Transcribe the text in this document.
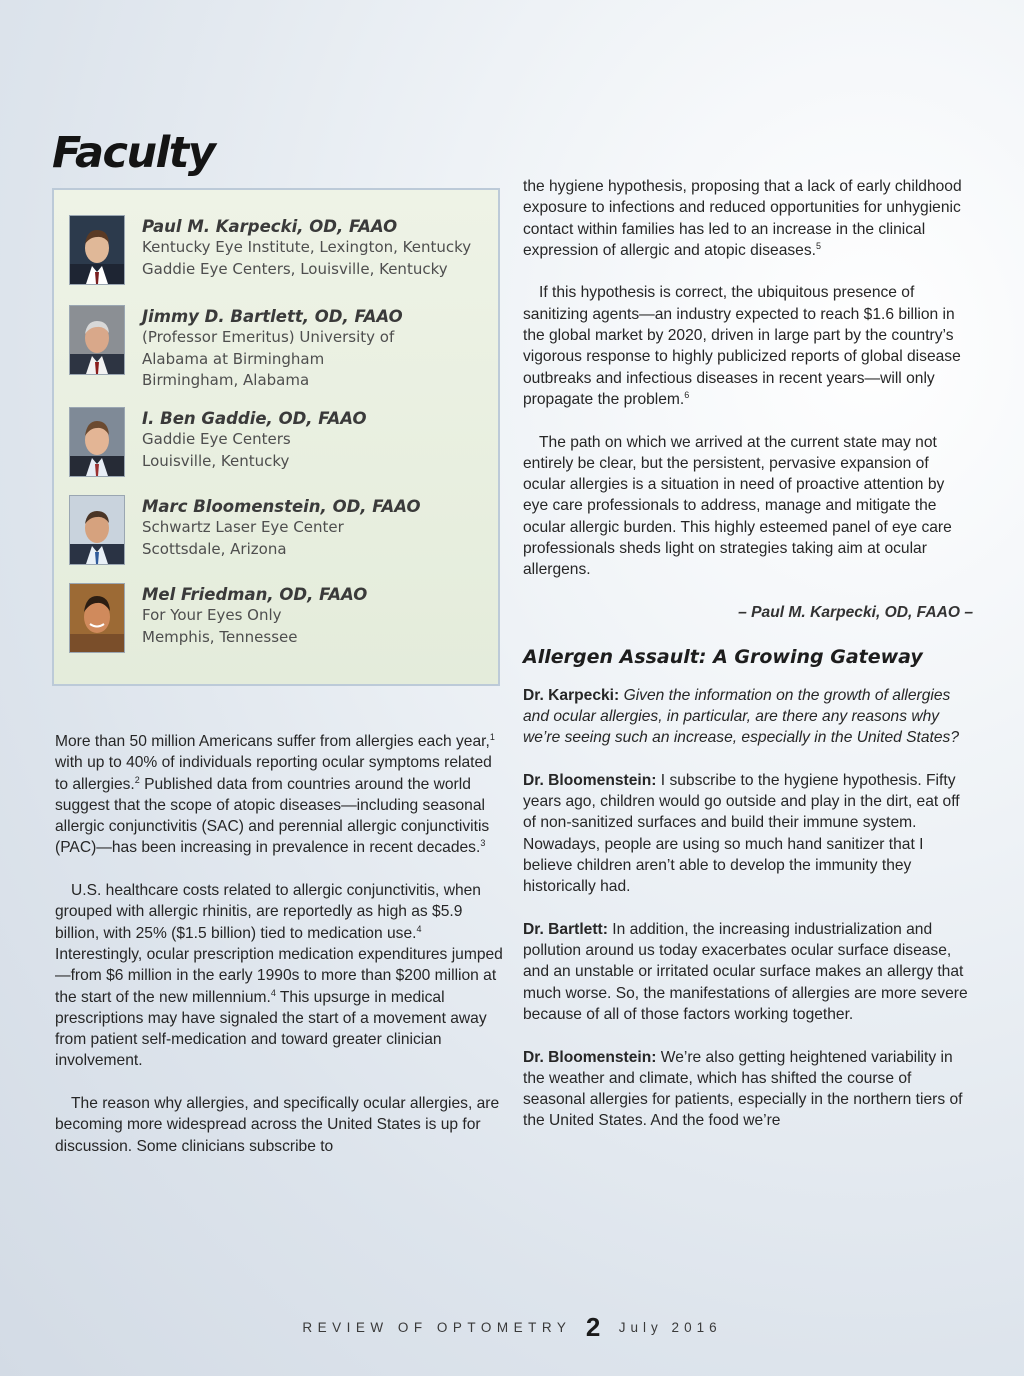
Faculty
Paul M. Karpecki, OD, FAAO
Kentucky Eye Institute, Lexington, Kentucky
Gaddie Eye Centers, Louisville, Kentucky
Jimmy D. Bartlett, OD, FAAO
(Professor Emeritus) University of
Alabama at Birmingham
Birmingham, Alabama
I. Ben Gaddie, OD, FAAO
Gaddie Eye Centers
Louisville, Kentucky
Marc Bloomenstein, OD, FAAO
Schwartz Laser Eye Center
Scottsdale, Arizona
Mel Friedman, OD, FAAO
For Your Eyes Only
Memphis, Tennessee

More than 50 million Americans suffer from allergies each year,$^1$ with up to 40% of individuals reporting ocular symptoms related to allergies.$^2$ Published data from countries around the world suggest that the scope of atopic diseases—including seasonal allergic conjunctivitis (SAC) and perennial allergic conjunctivitis (PAC)—has been increasing in prevalence in recent decades.$^3$

U.S. healthcare costs related to allergic conjunctivitis, when grouped with allergic rhinitis, are reportedly as high as $5.9 billion, with 25% ($1.5 billion) tied to medication use.$^4$ Interestingly, ocular prescription medication expenditures jumped—from $6 million in the early 1990s to more than $200 million at the start of the new millennium.$^4$ This upsurge in medical prescriptions may have signaled the start of a movement away from patient self-medication and toward greater clinician involvement.

The reason why allergies, and specifically ocular allergies, are becoming more widespread across the United States is up for discussion. Some clinicians subscribe to

the hygiene hypothesis, proposing that a lack of early childhood exposure to infections and reduced opportunities for unhygienic contact within families has led to an increase in the clinical expression of allergic and atopic diseases.$^5$

If this hypothesis is correct, the ubiquitous presence of sanitizing agents—an industry expected to reach $1.6 billion in the global market by 2020, driven in large part by the country’s vigorous response to highly publicized reports of global disease outbreaks and infectious diseases in recent years—will only propagate the problem.$^6$

The path on which we arrived at the current state may not entirely be clear, but the persistent, pervasive expansion of ocular allergies is a situation in need of proactive attention by eye care professionals to address, manage and mitigate the ocular allergic burden. This highly esteemed panel of eye care professionals sheds light on strategies taking aim at ocular allergens.

– Paul M. Karpecki, OD, FAAO –

Allergen Assault: A Growing Gateway

Dr. Karpecki: Given the information on the growth of allergies and ocular allergies, in particular, are there any reasons why we’re seeing such an increase, especially in the United States?

Dr. Bloomenstein: I subscribe to the hygiene hypothesis. Fifty years ago, children would go outside and play in the dirt, eat off of non-sanitized surfaces and build their immune system. Nowadays, people are using so much hand sanitizer that I believe children aren’t able to develop the immunity they historically had.

Dr. Bartlett: In addition, the increasing industrialization and pollution around us today exacerbates ocular surface disease, and an unstable or irritated ocular surface makes an allergy that much worse. So, the manifestations of allergies are more severe because of all of those factors working together.

Dr. Bloomenstein: We’re also getting heightened variability in the weather and climate, which has shifted the course of seasonal allergies for patients, especially in the northern tiers of the United States. And the food we’re

REVIEW OF OPTOMETRY 2 July 2016
